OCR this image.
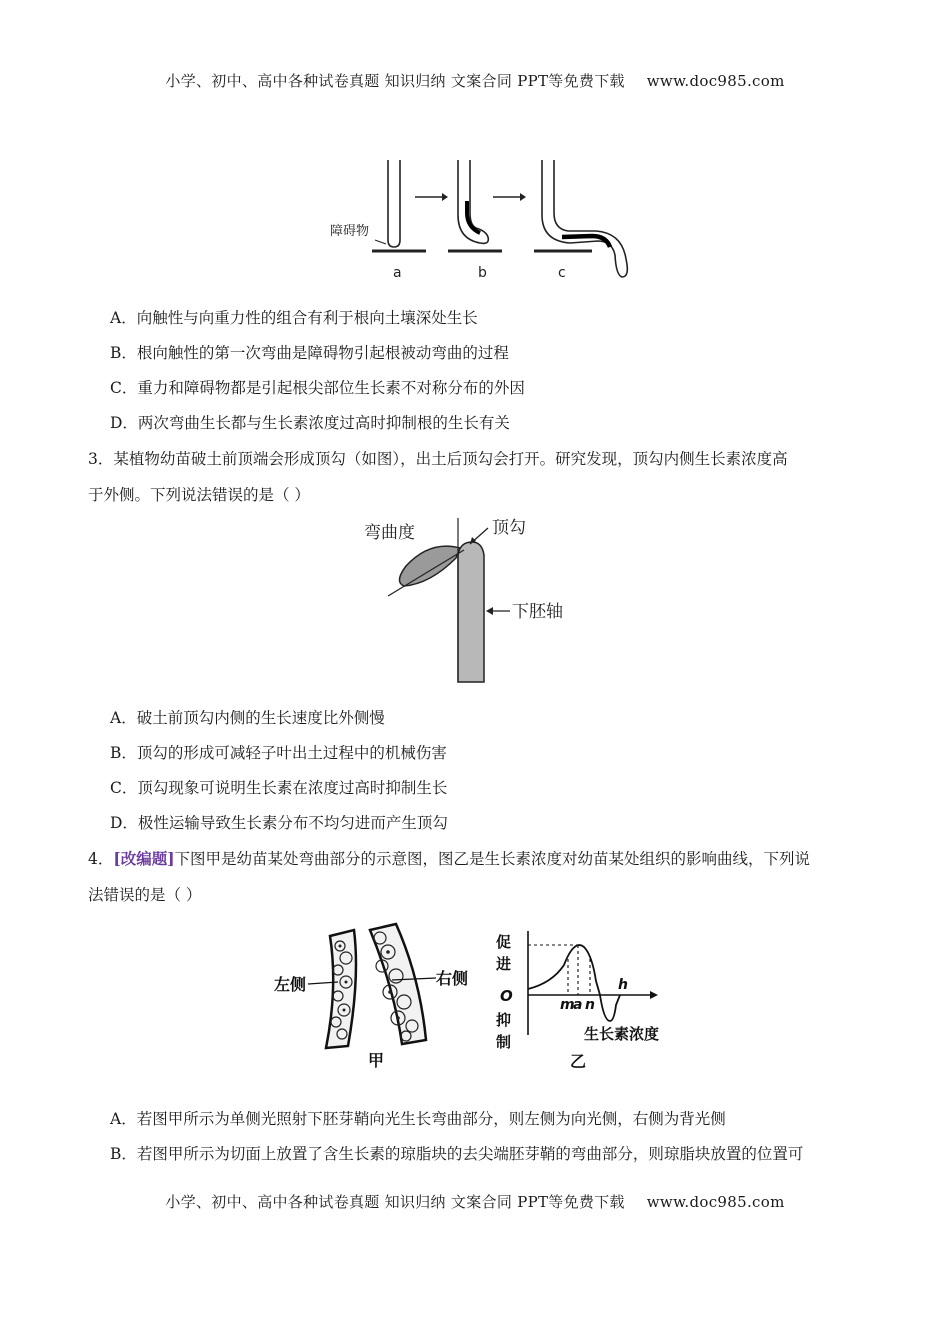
小学、初中、高中各种试卷真题 知识归纳 文案合同 PPT等免费下载 www.doc985.com
障碍物
a	b	c
A．向触性与向重力性的组合有利于根向土壤深处生长
B．根向触性的第一次弯曲是障碍物引起根被动弯曲的过程
C．重力和障碍物都是引起根尖部位生长素不对称分布的外因
D．两次弯曲生长都与生长素浓度过高时抑制根的生长有关
3．某植物幼苗破土前顶端会形成顶勾（如图），出土后顶勾会打开。研究发现，顶勾内侧生长素浓度高
于外侧。下列说法错误的是（ ）
弯曲度	顶勾
下胚轴
A．破土前顶勾内侧的生长速度比外侧慢
B．顶勾的形成可减轻子叶出土过程中的机械伤害
C．顶勾现象可说明生长素在浓度过高时抑制生长
D．极性运输导致生长素分布不均匀进而产生顶勾
4．[改编题]下图甲是幼苗某处弯曲部分的示意图，图乙是生长素浓度对幼苗某处组织的影响曲线，下列说
法错误的是（ ）
左侧	右侧
甲
促
进
O
抑
制
m
a n
h
生长素浓度
乙
A．若图甲所示为单侧光照射下胚芽鞘向光生长弯曲部分，则左侧为向光侧，右侧为背光侧
B．若图甲所示为切面上放置了含生长素的琼脂块的去尖端胚芽鞘的弯曲部分，则琼脂块放置的位置可
小学、初中、高中各种试卷真题 知识归纳 文案合同 PPT等免费下载 www.doc985.com
